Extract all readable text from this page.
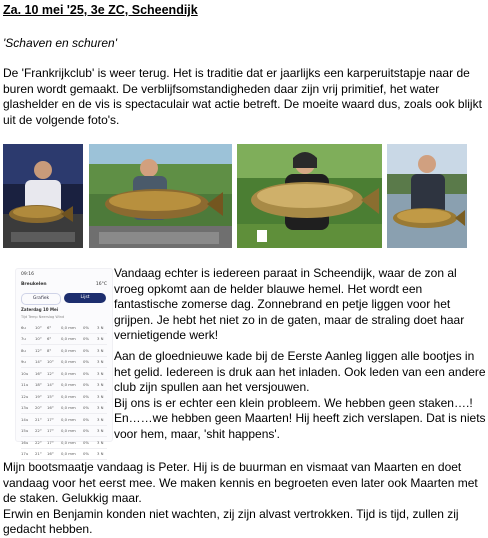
Za. 10 mei '25, 3e ZC, Scheendijk
'Schaven en schuren'
De 'Frankrijkclub' is weer terug. Het is traditie dat er jaarlijks een karperuitstapje naar de buren wordt gemaakt. De verblijfsomstandigheden daar zijn vrij primitief, het water glashelder en de vis is spectaculair wat actie betreft. De moeite waard dus, zoals ook blijkt uit de volgende foto's.
09:16
Breukelen	16°C
Grafiek	Lijst
Zaterdag 10 Mei
Tijd Temp Neerslag Wind
6u	10°	6°	0,0 mm	0%	3 N
7u	10°	6°	0,0 mm	0%	3 N
8u	12°	8°	0,0 mm	0%	3 N
9u	14°	10°	0,0 mm	0%	3 N
10u	16°	12°	0,0 mm	0%	3 N
11u	18°	14°	0,0 mm	0%	3 N
12u	19°	15°	0,0 mm	0%	3 N
13u	20°	16°	0,0 mm	0%	3 N
14u	21°	17°	0,0 mm	0%	3 N
15u	22°	17°	0,0 mm	0%	3 N
16u	22°	17°	0,0 mm	0%	3 N
17u	21°	16°	0,0 mm	0%	3 N
Vandaag echter is iedereen paraat in Scheendijk, waar de zon al vroeg opkomt aan de helder blauwe hemel. Het wordt een fantastische zomerse dag. Zonnebrand en petje liggen voor het grijpen. Je hebt het niet zo in de gaten, maar de straling doet haar vernietigende werk!
Aan de gloednieuwe kade bij de Eerste Aanleg liggen alle bootjes in het gelid. Iedereen is druk aan het inladen. Ook leden van een andere club zijn spullen aan het versjouwen.
Bij ons is er echter een klein probleem. We hebben geen staken….!
En……we hebben geen Maarten! Hij heeft zich verslapen. Dat is niets voor hem, maar, 'shit happens'.
Mijn bootsmaatje vandaag is Peter. Hij is de buurman en vismaat van Maarten en doet vandaag voor het eerst mee. We maken kennis en begroeten even later ook Maarten met de staken. Gelukkig maar.
Erwin en Benjamin konden niet wachten, zij zijn alvast vertrokken. Tijd is tijd, zullen zij gedacht hebben.
